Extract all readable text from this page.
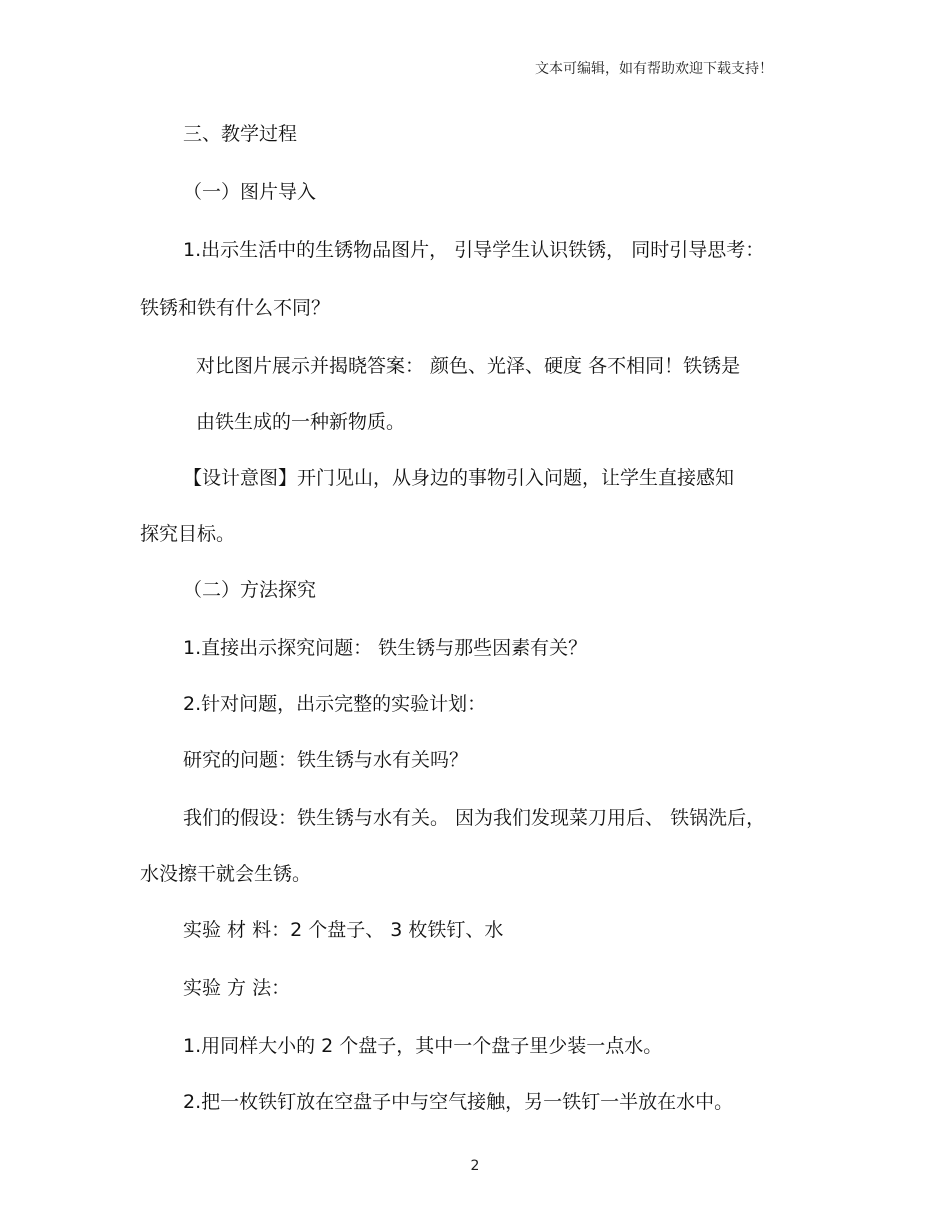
文本可编辑，如有帮助欢迎下载支持！
三、教学过程
（一）图片导入
1.出示生活中的生锈物品图片， 引导学生认识铁锈， 同时引导思考：
铁锈和铁有什么不同？
对比图片展示并揭晓答案： 颜色、光泽、硬度 各不相同！铁锈是
由铁生成的一种新物质。
【设计意图】开门见山，从身边的事物引入问题，让学生直接感知
探究目标。
（二）方法探究
1.直接出示探究问题： 铁生锈与那些因素有关？
2.针对问题，出示完整的实验计划：
研究的问题：铁生锈与水有关吗？
我们的假设：铁生锈与水有关。 因为我们发现菜刀用后、 铁锅洗后，
水没擦干就会生锈。
实验 材 料：2 个盘子、 3 枚铁钉、水
实验 方 法：
1.用同样大小的 2 个盘子，其中一个盘子里少装一点水。
2.把一枚铁钉放在空盘子中与空气接触，另一铁钉一半放在水中。
2
